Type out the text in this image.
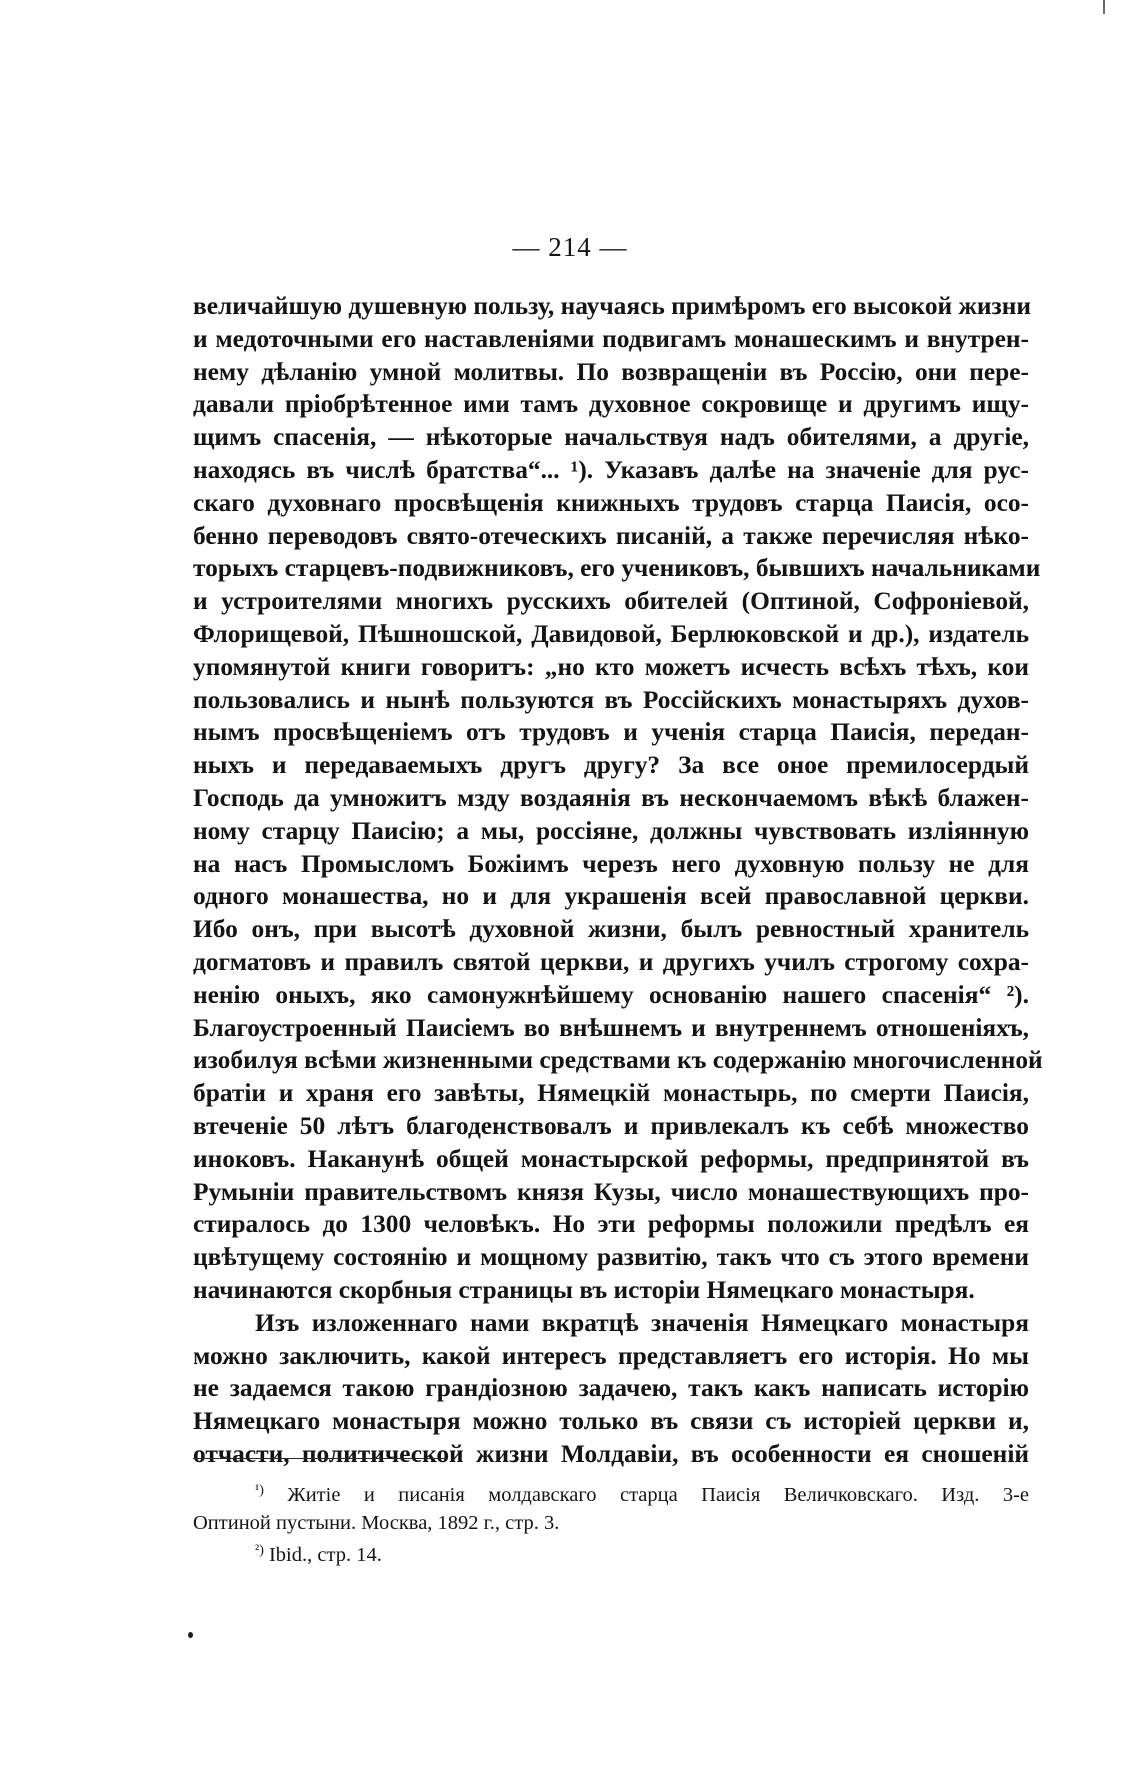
— 214 —
величайшую душевную пользу, научаясь примѣромъ его высокой жизни
и медоточными его наставленіями подвигамъ монашескимъ и внутрен-
нему дѣланію умной молитвы. По возвращеніи въ Россію, они пере-
давали пріобрѣтенное ими тамъ духовное сокровище и другимъ ищу-
щимъ спасенія, — нѣкоторые начальствуя надъ обителями, а другіе,
находясь въ числѣ братства“... ¹). Указавъ далѣе на значеніе для рус-
скаго духовнаго просвѣщенія книжныхъ трудовъ старца Паисія, осо-
бенно переводовъ свято-отеческихъ писаній, а также перечисляя нѣко-
торыхъ старцевъ-подвижниковъ, его учениковъ, бывшихъ начальниками
и устроителями многихъ русскихъ обителей (Оптиной, Софроніевой,
Флорищевой, Пѣшношской, Давидовой, Берлюковской и др.), издатель
упомянутой книги говоритъ: „но кто можетъ исчесть всѣхъ тѣхъ, кои
пользовались и нынѣ пользуются въ Россійскихъ монастыряхъ духов-
нымъ просвѣщеніемъ отъ трудовъ и ученія старца Паисія, передан-
ныхъ и передаваемыхъ другъ другу? За все оное премилосердый
Господь да умножитъ мзду воздаянія въ нескончаемомъ вѣкѣ блажен-
ному старцу Паисію; а мы, россіяне, должны чувствовать изліянную
на насъ Промысломъ Божіимъ черезъ него духовную пользу не для
одного монашества, но и для украшенія всей православной церкви.
Ибо онъ, при высотѣ духовной жизни, былъ ревностный хранитель
догматовъ и правилъ святой церкви, и другихъ училъ строгому сохра-
ненію оныхъ, яко самонужнѣйшему основанію нашего спасенія“ ²).
Благоустроенный Паисіемъ во внѣшнемъ и внутреннемъ отношеніяхъ,
изобилуя всѣми жизненными средствами къ содержанію многочисленной
братіи и храня его завѣты, Нямецкій монастырь, по смерти Паисія,
втеченіе 50 лѣтъ благоденствовалъ и привлекалъ къ себѣ множество
иноковъ. Наканунѣ общей монастырской реформы, предпринятой въ
Румыніи правительствомъ князя Кузы, число монашествующихъ про-
стиралось до 1300 человѣкъ. Но эти реформы положили предѣлъ ея
цвѣтущему состоянію и мощному развитію, такъ что съ этого времени
начинаются скорбныя страницы въ исторіи Нямецкаго монастыря.
Изъ изложеннаго нами вкратцѣ значенія Нямецкаго монастыря
можно заключить, какой интересъ представляетъ его исторія. Но мы
не задаемся такою грандіозною задачею, такъ какъ написать исторію
Нямецкаго монастыря можно только въ связи съ исторіей церкви и,
отчасти, политической жизни Молдавіи, въ особенности ея сношеній
$^{^1)}$ Житіе и писанія молдавскаго старца Паисія Величковскаго. Изд. 3-е
Оптиной пустыни. Москва, 1892 г., стр. 3.
$^{^2)}$ Ibid., стр. 14.
